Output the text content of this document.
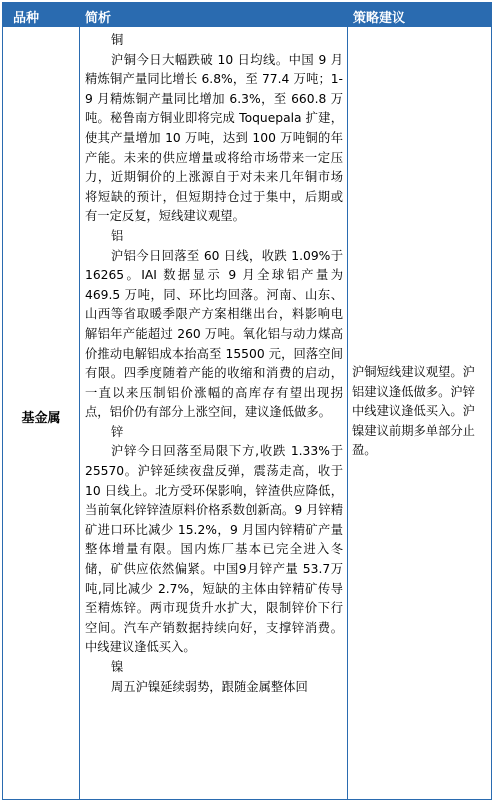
品种	简析	策略建议
基金属

铜

沪铜今日大幅跌破 10 日均线。中国 9 月精炼铜产量同比增长 6.8%，至 77.4 万吨；1-9 月精炼铜产量同比增加 6.3%，至 660.8 万吨。秘鲁南方铜业即将完成 Toquepala 扩建，使其产量增加 10 万吨，达到 100 万吨铜的年产能。未来的供应增量或将给市场带来一定压力，近期铜价的上涨源自于对未来几年铜市场将短缺的预计，但短期持仓过于集中，后期或有一定反复，短线建议观望。

铝

沪铝今日回落至 60 日线，收跌 1.09%于 16265。IAI 数据显示 9 月全球铝产量为 469.5 万吨，同、环比均回落。河南、山东、山西等省取暖季限产方案相继出台，料影响电解铝年产能超过 260 万吨。氧化铝与动力煤高价推动电解铝成本抬高至 15500 元，回落空间有限。四季度随着产能的收缩和消费的启动，一直以来压制铝价涨幅的高库存有望出现拐点，铝价仍有部分上涨空间，建议逢低做多。

锌

沪锌今日回落至局限下方,收跌 1.33%于 25570。沪锌延续夜盘反弹，震荡走高，收于 10 日线上。北方受环保影响，锌渣供应降低，当前氧化锌锌渣原料价格系数创新高。9 月锌精矿进口环比减少 15.2%，9 月国内锌精矿产量整体增量有限。国内炼厂基本已完全进入冬储，矿供应依然偏紧。中国9月锌产量 53.7万吨,同比减少 2.7%，短缺的主体由锌精矿传导至精炼锌。两市现货升水扩大，限制锌价下行空间。汽车产销数据持续向好，支撑锌消费。中线建议逢低买入。

镍

周五沪镍延续弱势，跟随金属整体回

沪铜短线建议观望。沪铝建议逢低做多。沪锌中线建议逢低买入。沪镍建议前期多单部分止盈。
